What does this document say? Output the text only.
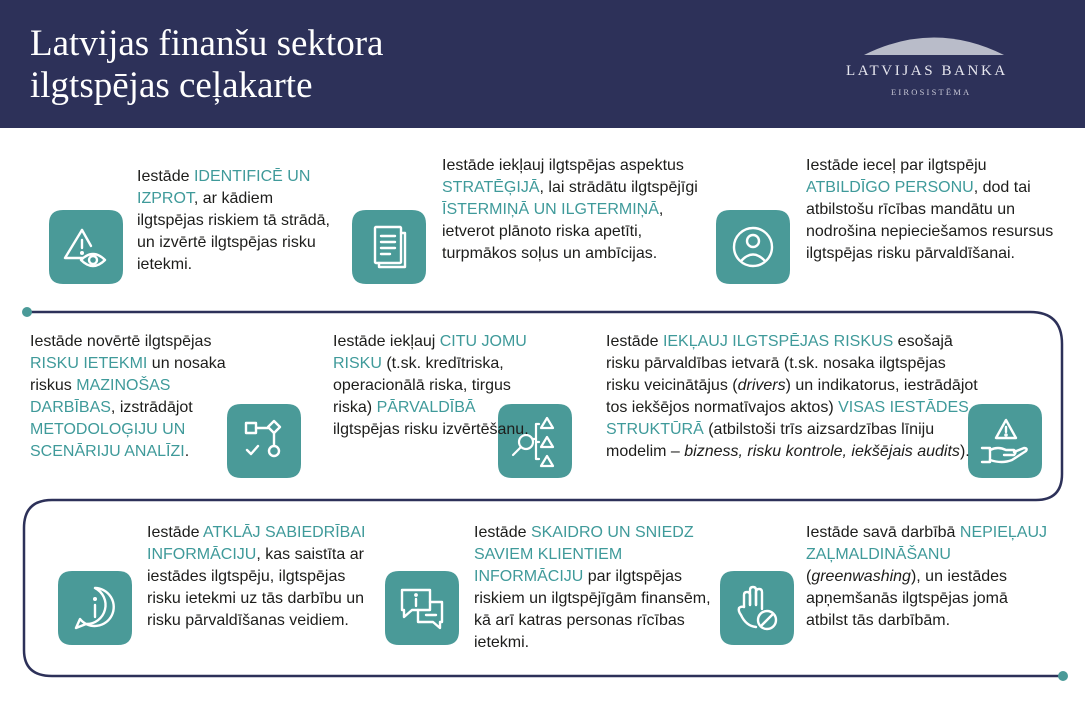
Latvijas finanšu sektora
ilgtspējas ceļakarte	LATVIJAS BANKA
EIROSISTĒMA
Iestāde IDENTIFICĒ UN IZPROT, ar kādiem ilgtspējas riskiem tā strādā, un izvērtē ilgtspējas risku ietekmi.
Iestāde iekļauj ilgtspējas aspektus STRATĒĢIJĀ, lai strādātu ilgtspējīgi ĪSTERMIŅĀ UN ILGTERMIŅĀ, ietverot plānoto riska apetīti, turpmākos soļus un ambīcijas.
Iestāde ieceļ par ilgtspēju ATBILDĪGO PERSONU, dod tai atbilstošu rīcības mandātu un nodrošina nepieciešamos resursus ilgtspējas risku pārvaldīšanai.
Iestāde novērtē ilgtspējas RISKU IETEKMI un nosaka riskus MAZINOŠAS DARBĪBAS, izstrādājot METODOLOĢIJU UN SCENĀRIJU ANALĪZI.
Iestāde iekļauj CITU JOMU RISKU (t.sk. kredītriska, operacionālā riska, tirgus riska) PĀRVALDĪBĀ ilgtspējas risku izvērtēšanu.
Iestāde IEKĻAUJ ILGTSPĒJAS RISKUS esošajā risku pārvaldības ietvarā (t.sk. nosaka ilgtspējas risku veicinātājus (drivers) un indikatorus, iestrādājot tos iekšējos normatīvajos aktos) VISAS IESTĀDES STRUKTŪRĀ (atbilstoši trīs aizsardzības līniju modelim – bizness, risku kontrole, iekšējais audits).
Iestāde ATKLĀJ SABIEDRĪBAI INFORMĀCIJU, kas saistīta ar iestādes ilgtspēju, ilgtspējas risku ietekmi uz tās darbību un risku pārvaldīšanas veidiem.
Iestāde SKAIDRO UN SNIEDZ SAVIEM KLIENTIEM INFORMĀCIJU par ilgtspējas riskiem un ilgtspējīgām finansēm, kā arī katras personas rīcības ietekmi.
Iestāde savā darbībā NEPIEĻAUJ ZAĻMALDINĀŠANU (greenwashing), un iestādes apņemšanās ilgtspējas jomā atbilst tās darbībām.
